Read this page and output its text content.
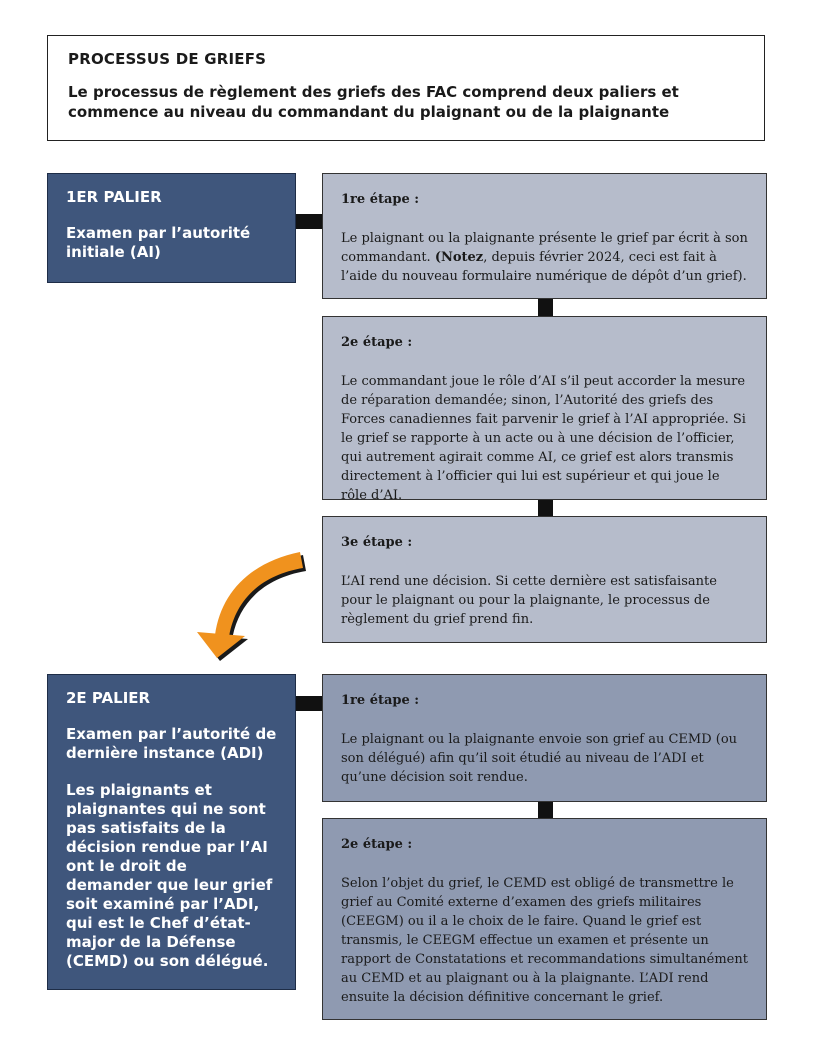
PROCESSUS DE GRIEFS

Le processus de règlement des griefs des FAC comprend deux paliers et commence au niveau du commandant du plaignant ou de la plaignante

1ER PALIER

Examen par l’autorité initiale (AI)

1re étape :

Le plaignant ou la plaignante présente le grief par écrit à son commandant. (Notez, depuis février 2024, ceci est fait à l’aide du nouveau formulaire numérique de dépôt d’un grief).

2e étape :

Le commandant joue le rôle d’AI s’il peut accorder la mesure de réparation demandée; sinon, l’Autorité des griefs des Forces canadiennes fait parvenir le grief à l’AI appropriée. Si le grief se rapporte à un acte ou à une décision de l’officier, qui autrement agirait comme AI, ce grief est alors transmis directement à l’officier qui lui est supérieur et qui joue le rôle d’AI.

3e étape :

L’AI rend une décision. Si cette dernière est satisfaisante pour le plaignant ou pour la plaignante, le processus de règlement du grief prend fin.

2E PALIER

Examen par l’autorité de dernière instance (ADI)

Les plaignants et plaignantes qui ne sont pas satisfaits de la décision rendue par l’AI ont le droit de demander que leur grief soit examiné par l’ADI, qui est le Chef d’état-major de la Défense (CEMD) ou son délégué.

1re étape :

Le plaignant ou la plaignante envoie son grief au CEMD (ou son délégué) afin qu’il soit étudié au niveau de l’ADI et qu’une décision soit rendue.

2e étape :

Selon l’objet du grief, le CEMD est obligé de transmettre le grief au Comité externe d’examen des griefs militaires (CEEGM) ou il a le choix de le faire. Quand le grief est transmis, le CEEGM effectue un examen et présente un rapport de Constatations et recommandations simultanément au CEMD et au plaignant ou à la plaignante. L’ADI rend ensuite la décision définitive concernant le grief.
